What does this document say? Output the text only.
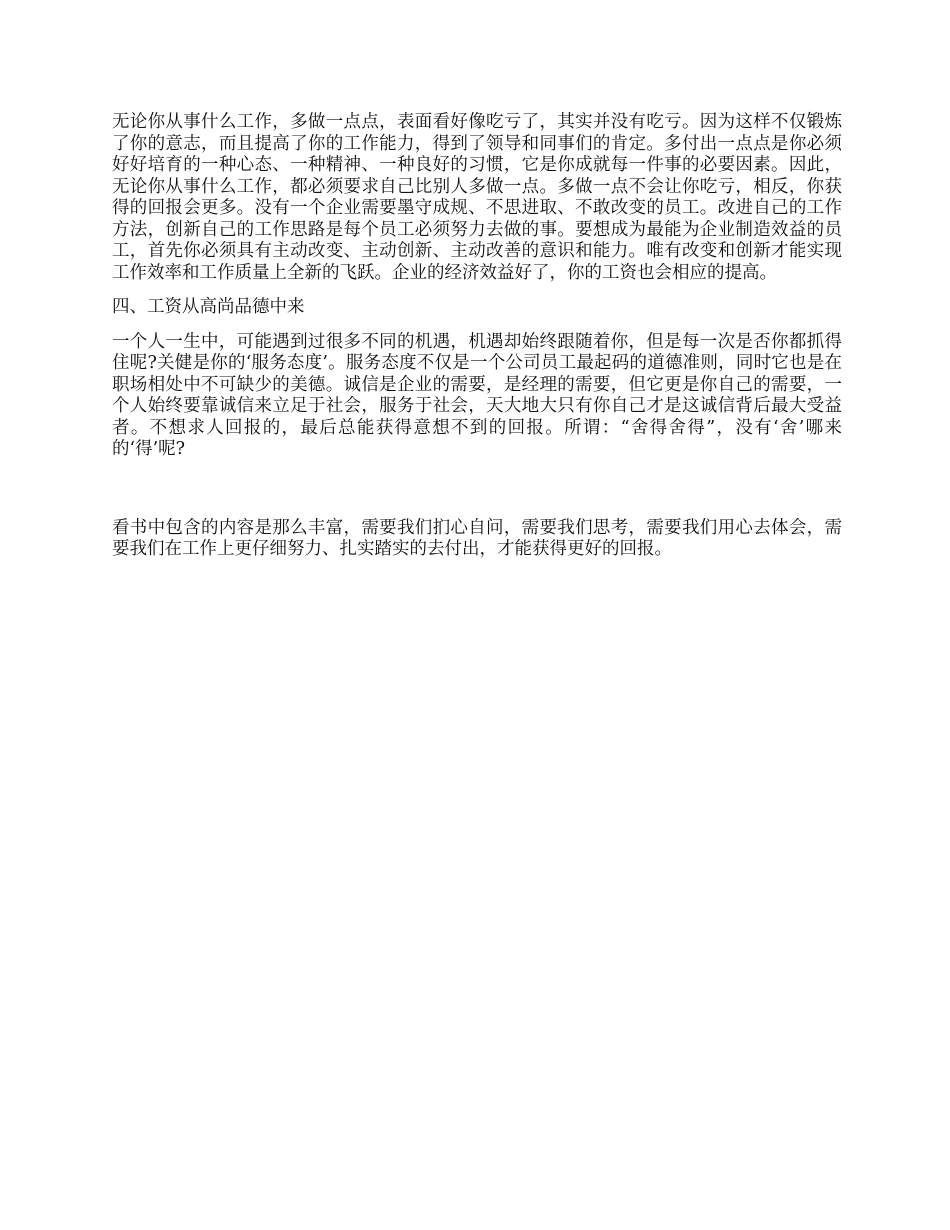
无论你从事什么工作，多做一点点，表面看好像吃亏了，其实并没有吃亏。因为这样不仅锻炼了你的意志，而且提高了你的工作能力，得到了领导和同事们的肯定。多付出一点点是你必须好好培育的一种心态、一种精神、一种良好的习惯，它是你成就每一件事的必要因素。因此，无论你从事什么工作，都必须要求自己比别人多做一点。多做一点不会让你吃亏，相反，你获得的回报会更多。没有一个企业需要墨守成规、不思进取、不敢改变的员工。改进自己的工作方法，创新自己的工作思路是每个员工必须努力去做的事。要想成为最能为企业制造效益的员工，首先你必须具有主动改变、主动创新、主动改善的意识和能力。唯有改变和创新才能实现工作效率和工作质量上全新的飞跃。企业的经济效益好了，你的工资也会相应的提高。

四、工资从高尚品德中来

一个人一生中，可能遇到过很多不同的机遇，机遇却始终跟随着你，但是每一次是否你都抓得住呢?关健是你的‘服务态度’。服务态度不仅是一个公司员工最起码的道德准则，同时它也是在职场相处中不可缺少的美德。诚信是企业的需要，是经理的需要，但它更是你自己的需要，一个人始终要靠诚信来立足于社会，服务于社会，天大地大只有你自己才是这诚信背后最大受益者。不想求人回报的，最后总能获得意想不到的回报。所谓：“舍得舍得”，没有‘舍’哪来的‘得’呢?

看书中包含的内容是那么丰富，需要我们扪心自问，需要我们思考，需要我们用心去体会，需要我们在工作上更仔细努力、扎实踏实的去付出，才能获得更好的回报。
